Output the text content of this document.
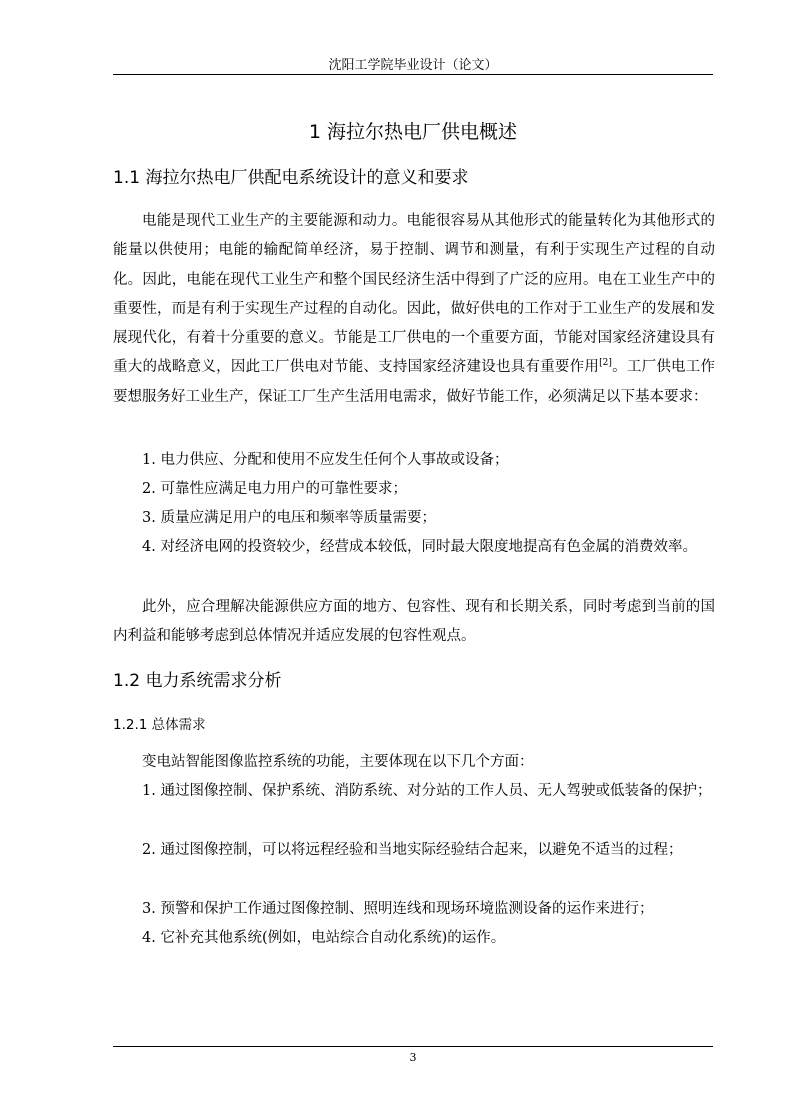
沈阳工学院毕业设计（论文）
1 海拉尔热电厂供电概述
1.1 海拉尔热电厂供配电系统设计的意义和要求

电能是现代工业生产的主要能源和动力。电能很容易从其他形式的能量转化为其他形式的能量以供使用；电能的输配简单经济，易于控制、调节和测量，有利于实现生产过程的自动化。因此，电能在现代工业生产和整个国民经济生活中得到了广泛的应用。电在工业生产中的重要性，而是有利于实现生产过程的自动化。因此，做好供电的工作对于工业生产的发展和发展现代化，有着十分重要的意义。节能是工厂供电的一个重要方面，节能对国家经济建设具有重大的战略意义，因此工厂供电对节能、支持国家经济建设也具有重要作用[2]。工厂供电工作要想服务好工业生产，保证工厂生产生活用电需求，做好节能工作，必须满足以下基本要求：

1. 电力供应、分配和使用不应发生任何个人事故或设备；

2. 可靠性应满足电力用户的可靠性要求；

3. 质量应满足用户的电压和频率等质量需要；

4. 对经济电网的投资较少，经营成本较低，同时最大限度地提高有色金属的消费效率。

此外，应合理解决能源供应方面的地方、包容性、现有和长期关系，同时考虑到当前的国内利益和能够考虑到总体情况并适应发展的包容性观点。

1.2 电力系统需求分析
1.2.1 总体需求

变电站智能图像监控系统的功能，主要体现在以下几个方面：

1. 通过图像控制、保护系统、消防系统、对分站的工作人员、无人驾驶或低装备的保护；

2. 通过图像控制，可以将远程经验和当地实际经验结合起来，以避免不适当的过程；

3. 预警和保护工作通过图像控制、照明连线和现场环境监测设备的运作来进行；

4. 它补充其他系统(例如，电站综合自动化系统)的运作。

3
